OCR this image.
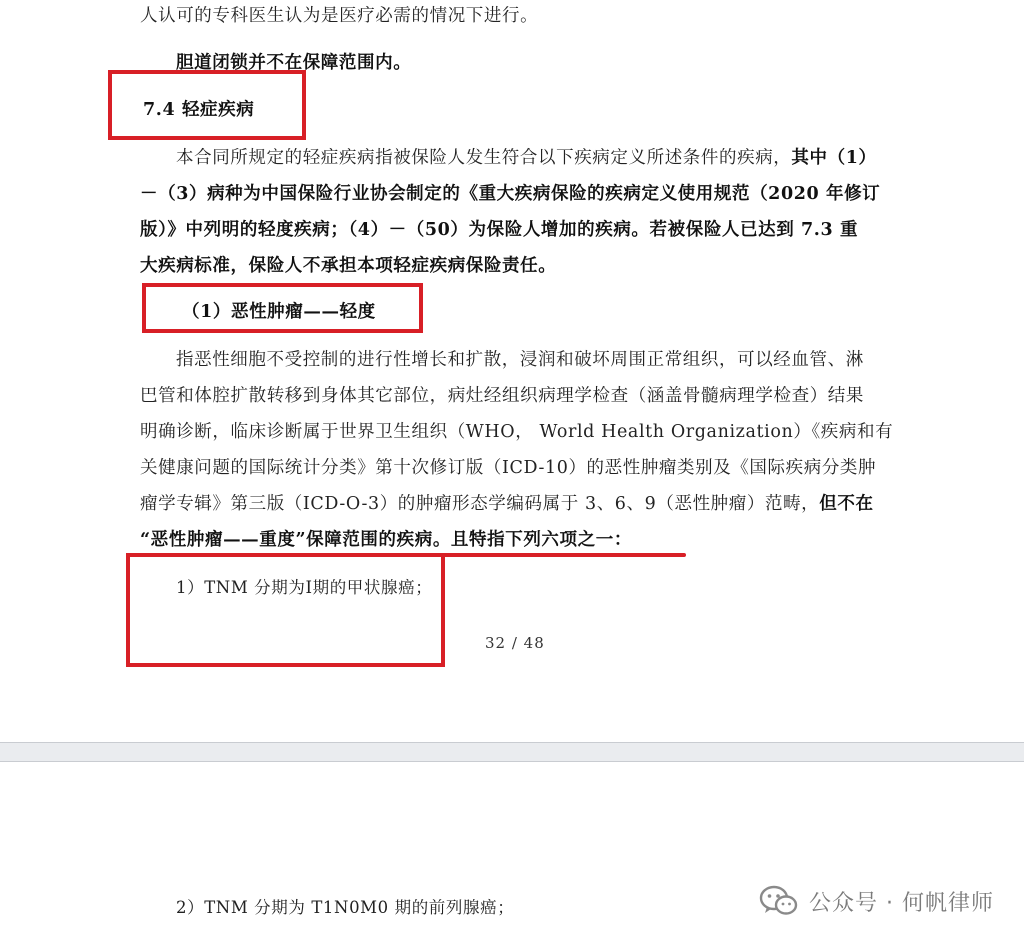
人认可的专科医生认为是医疗必需的情况下进行。
胆道闭锁并不在保障范围内。
7.4 轻症疾病
本合同所规定的轻症疾病指被保险人发生符合以下疾病定义所述条件的疾病，其中（1）
－（3）病种为中国保险行业协会制定的《重大疾病保险的疾病定义使用规范（2020 年修订
版）》中列明的轻度疾病；（4）－（50）为保险人增加的疾病。若被保险人已达到 7.3 重
大疾病标准，保险人不承担本项轻症疾病保险责任。
（1）恶性肿瘤——轻度
指恶性细胞不受控制的进行性增长和扩散，浸润和破坏周围正常组织，可以经血管、淋
巴管和体腔扩散转移到身体其它部位，病灶经组织病理学检查（涵盖骨髓病理学检查）结果
明确诊断，临床诊断属于世界卫生组织（WHO， World Health Organization）《疾病和有
关健康问题的国际统计分类》第十次修订版（ICD-10）的恶性肿瘤类别及《国际疾病分类肿
瘤学专辑》第三版（ICD-O-3）的肿瘤形态学编码属于 3、6、9（恶性肿瘤）范畴，但不在
“恶性肿瘤——重度”保障范围的疾病。且特指下列六项之一：
1）TNM 分期为Ⅰ期的甲状腺癌；
32 / 48
2）TNM 分期为 T1N0M0 期的前列腺癌；	公众号 · 何帆律师
